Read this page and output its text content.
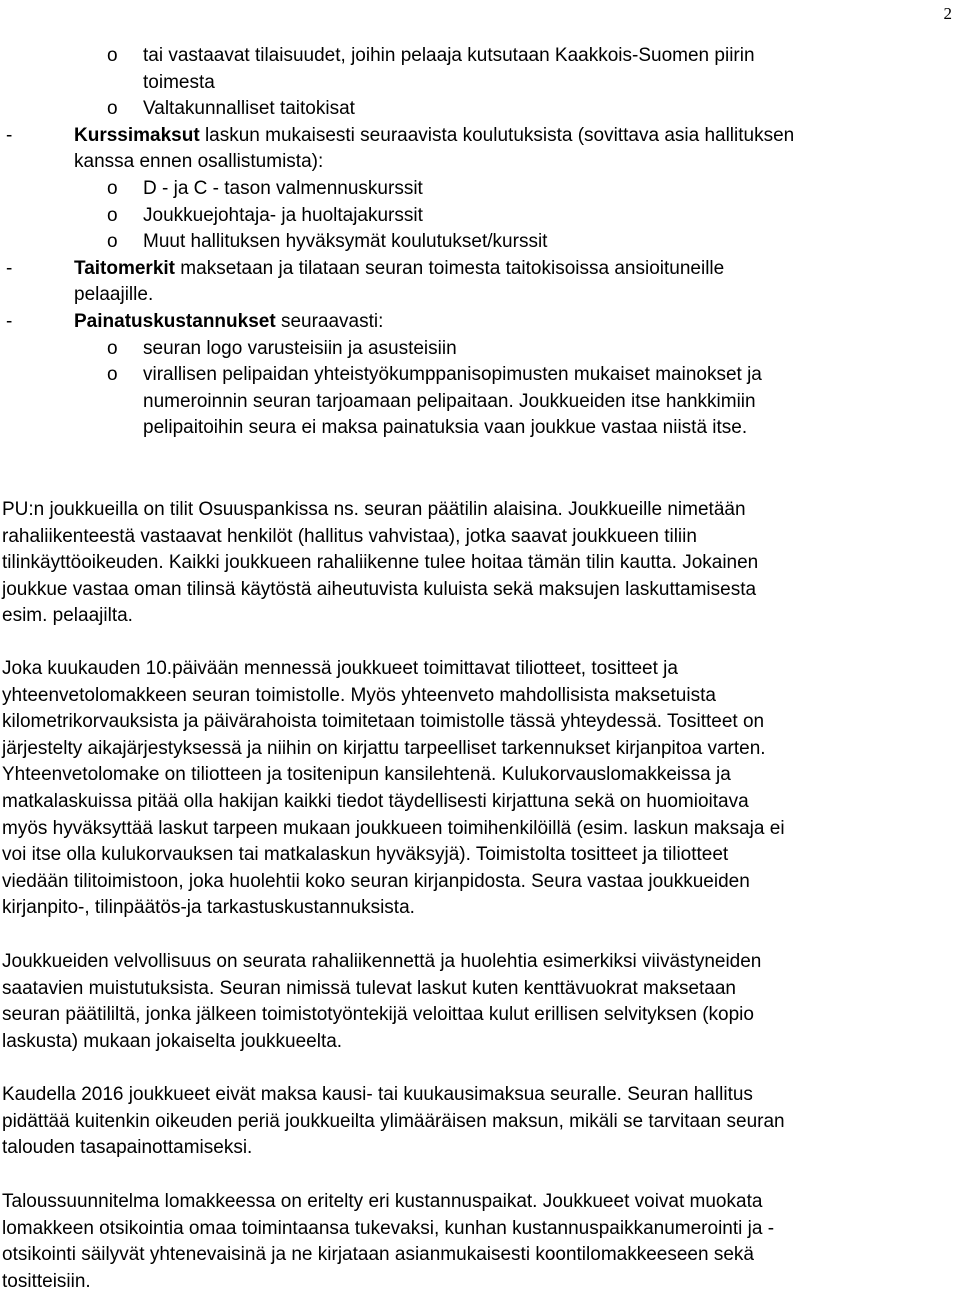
2
o tai vastaavat tilaisuudet, joihin pelaaja kutsutaan Kaakkois-Suomen piirin
toimesta
o Valtakunnalliset taitokisat
-	Kurssimaksut laskun mukaisesti seuraavista koulutuksista (sovittava asia hallituksen
kanssa ennen osallistumista):
o D - ja C - tason valmennuskurssit
o Joukkuejohtaja- ja huoltajakurssit
o Muut hallituksen hyväksymät koulutukset/kurssit
-	Taitomerkit maksetaan ja tilataan seuran toimesta taitokisoissa ansioituneille
pelaajille.
-	Painatuskustannukset seuraavasti:
o seuran logo varusteisiin ja asusteisiin
o virallisen pelipaidan yhteistyökumppanisopimusten mukaiset mainokset ja
numeroinnin seuran tarjoamaan pelipaitaan. Joukkueiden itse hankkimiin
pelipaitoihin seura ei maksa painatuksia vaan joukkue vastaa niistä itse.
PU:n joukkueilla on tilit Osuuspankissa ns. seuran päätilin alaisina. Joukkueille nimetään
rahaliikenteestä vastaavat henkilöt (hallitus vahvistaa), jotka saavat joukkueen tiliin
tilinkäyttöoikeuden. Kaikki joukkueen rahaliikenne tulee hoitaa tämän tilin kautta. Jokainen
joukkue vastaa oman tilinsä käytöstä aiheutuvista kuluista sekä maksujen laskuttamisesta
esim. pelaajilta.
Joka kuukauden 10.päivään mennessä joukkueet toimittavat tiliotteet, tositteet ja
yhteenvetolomakkeen seuran toimistolle. Myös yhteenveto mahdollisista maksetuista
kilometrikorvauksista ja päivärahoista toimitetaan toimistolle tässä yhteydessä. Tositteet on
järjestelty aikajärjestyksessä ja niihin on kirjattu tarpeelliset tarkennukset kirjanpitoa varten.
Yhteenvetolomake on tiliotteen ja tositenipun kansilehtenä. Kulukorvauslomakkeissa ja
matkalaskuissa pitää olla hakijan kaikki tiedot täydellisesti kirjattuna sekä on huomioitava
myös hyväksyttää laskut tarpeen mukaan joukkueen toimihenkilöillä (esim. laskun maksaja ei
voi itse olla kulukorvauksen tai matkalaskun hyväksyjä). Toimistolta tositteet ja tiliotteet
viedään tilitoimistoon, joka huolehtii koko seuran kirjanpidosta. Seura vastaa joukkueiden
kirjanpito-, tilinpäätös-ja tarkastuskustannuksista.
Joukkueiden velvollisuus on seurata rahaliikennettä ja huolehtia esimerkiksi viivästyneiden
saatavien muistutuksista. Seuran nimissä tulevat laskut kuten kenttävuokrat maksetaan
seuran päätililtä, jonka jälkeen toimistotyöntekijä veloittaa kulut erillisen selvityksen (kopio
laskusta) mukaan jokaiselta joukkueelta.
Kaudella 2016 joukkueet eivät maksa kausi- tai kuukausimaksua seuralle. Seuran hallitus
pidättää kuitenkin oikeuden periä joukkueilta ylimääräisen maksun, mikäli se tarvitaan seuran
talouden tasapainottamiseksi.
Taloussuunnitelma lomakkeessa on eritelty eri kustannuspaikat. Joukkueet voivat muokata
lomakkeen otsikointia omaa toimintaansa tukevaksi, kunhan kustannuspaikkanumerointi ja -
otsikointi säilyvät yhtenevaisinä ja ne kirjataan asianmukaisesti koontilomakkeeseen sekä
tositteisiin.
